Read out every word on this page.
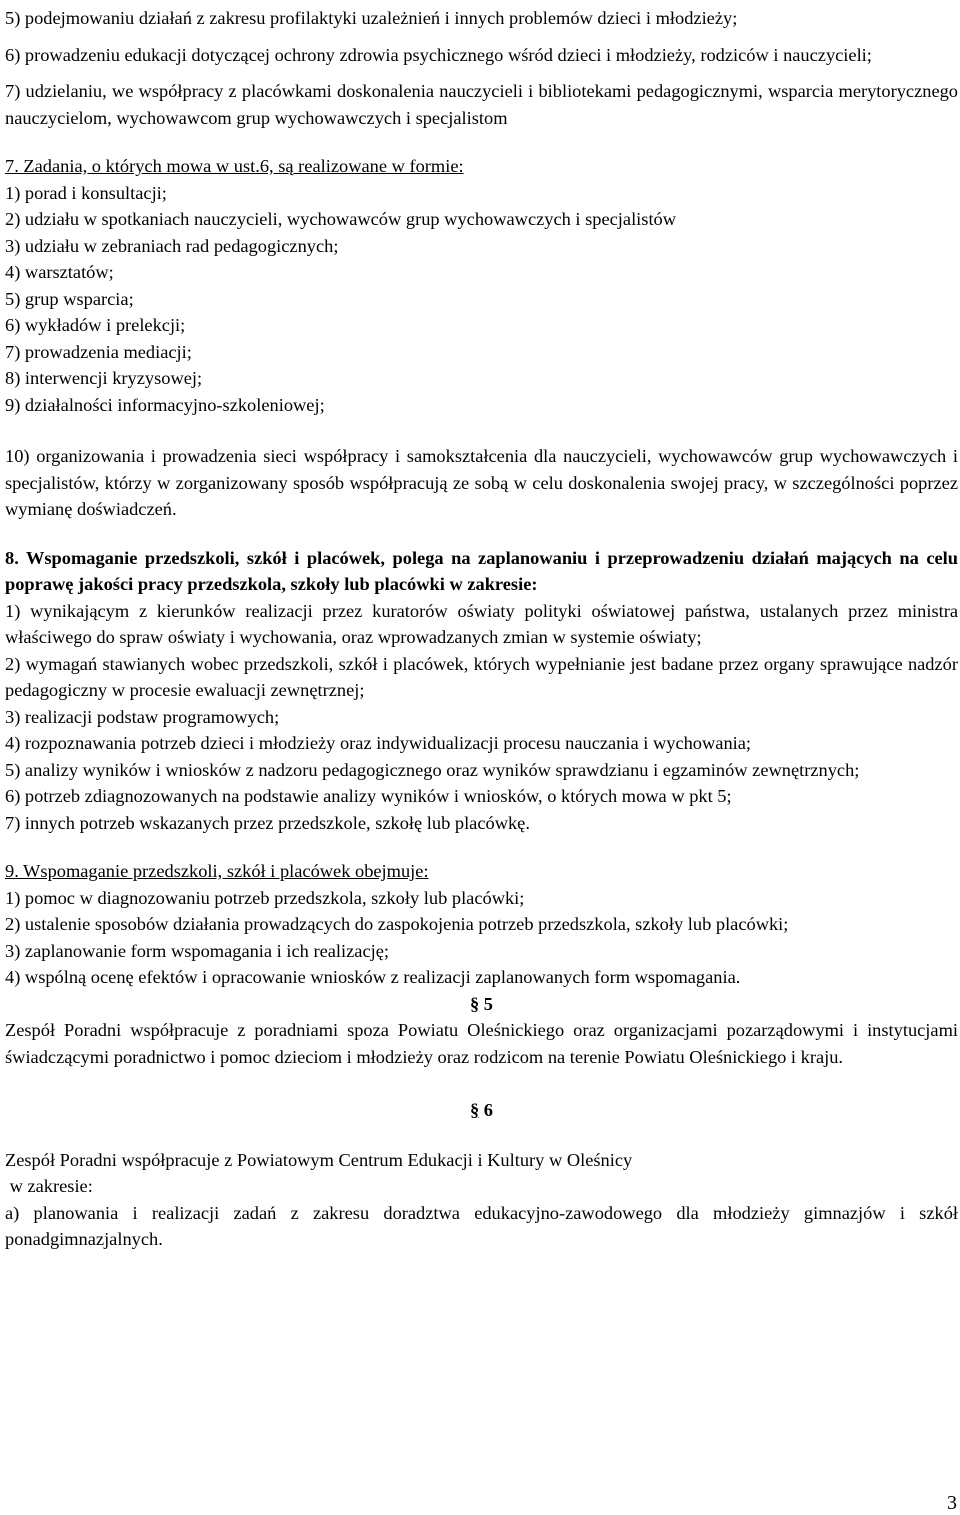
5) podejmowaniu działań z zakresu profilaktyki uzależnień i innych problemów dzieci i młodzieży;

6) prowadzeniu edukacji dotyczącej ochrony zdrowia psychicznego wśród dzieci i młodzieży, rodziców i nauczycieli;

7) udzielaniu, we współpracy z placówkami doskonalenia nauczycieli i bibliotekami pedagogicznymi, wsparcia merytorycznego nauczycielom, wychowawcom grup wychowawczych i specjalistom

7. Zadania, o których mowa w ust.6, są realizowane w formie:

1) porad i konsultacji;

2) udziału w spotkaniach nauczycieli, wychowawców grup wychowawczych i specjalistów

3) udziału w zebraniach rad pedagogicznych;

4) warsztatów;

5) grup wsparcia;

6) wykładów i prelekcji;

7) prowadzenia mediacji;

8) interwencji kryzysowej;

9) działalności informacyjno-szkoleniowej;

10) organizowania i prowadzenia sieci współpracy i samokształcenia dla nauczycieli, wychowawców grup wychowawczych i specjalistów, którzy w zorganizowany sposób współpracują ze sobą w celu doskonalenia swojej pracy, w szczególności poprzez wymianę doświadczeń.

8. Wspomaganie przedszkoli, szkół i placówek, polega na zaplanowaniu i przeprowadzeniu działań mających na celu poprawę jakości pracy przedszkola, szkoły lub placówki w zakresie:

1) wynikającym z kierunków realizacji przez kuratorów oświaty polityki oświatowej państwa, ustalanych przez ministra właściwego do spraw oświaty i wychowania, oraz wprowadzanych zmian w systemie oświaty;

2) wymagań stawianych wobec przedszkoli, szkół i placówek, których wypełnianie jest badane przez organy sprawujące nadzór pedagogiczny w procesie ewaluacji zewnętrznej;

3) realizacji podstaw programowych;

4) rozpoznawania potrzeb dzieci i młodzieży oraz indywidualizacji procesu nauczania i wychowania;

5) analizy wyników i wniosków z nadzoru pedagogicznego oraz wyników sprawdzianu i egzaminów zewnętrznych;

6) potrzeb zdiagnozowanych na podstawie analizy wyników i wniosków, o których mowa w pkt 5;

7) innych potrzeb wskazanych przez przedszkole, szkołę lub placówkę.

9. Wspomaganie przedszkoli, szkół i placówek obejmuje:

1) pomoc w diagnozowaniu potrzeb przedszkola, szkoły lub placówki;

2) ustalenie sposobów działania prowadzących do zaspokojenia potrzeb przedszkola, szkoły lub placówki;

3) zaplanowanie form wspomagania i ich realizację;

4) wspólną ocenę efektów i opracowanie wniosków z realizacji zaplanowanych form wspomagania.

§ 5

Zespół Poradni współpracuje z poradniami spoza Powiatu Oleśnickiego oraz organizacjami pozarządowymi i instytucjami świadczącymi poradnictwo i pomoc dzieciom i młodzieży oraz rodzicom na terenie Powiatu Oleśnickiego i kraju.

§ 6

Zespół Poradni współpracuje z Powiatowym Centrum Edukacji i Kultury w Oleśnicy

w zakresie:

a) planowania i realizacji zadań z zakresu doradztwa edukacyjno-zawodowego dla młodzieży gimnazjów i szkół ponadgimnazjalnych.

3
